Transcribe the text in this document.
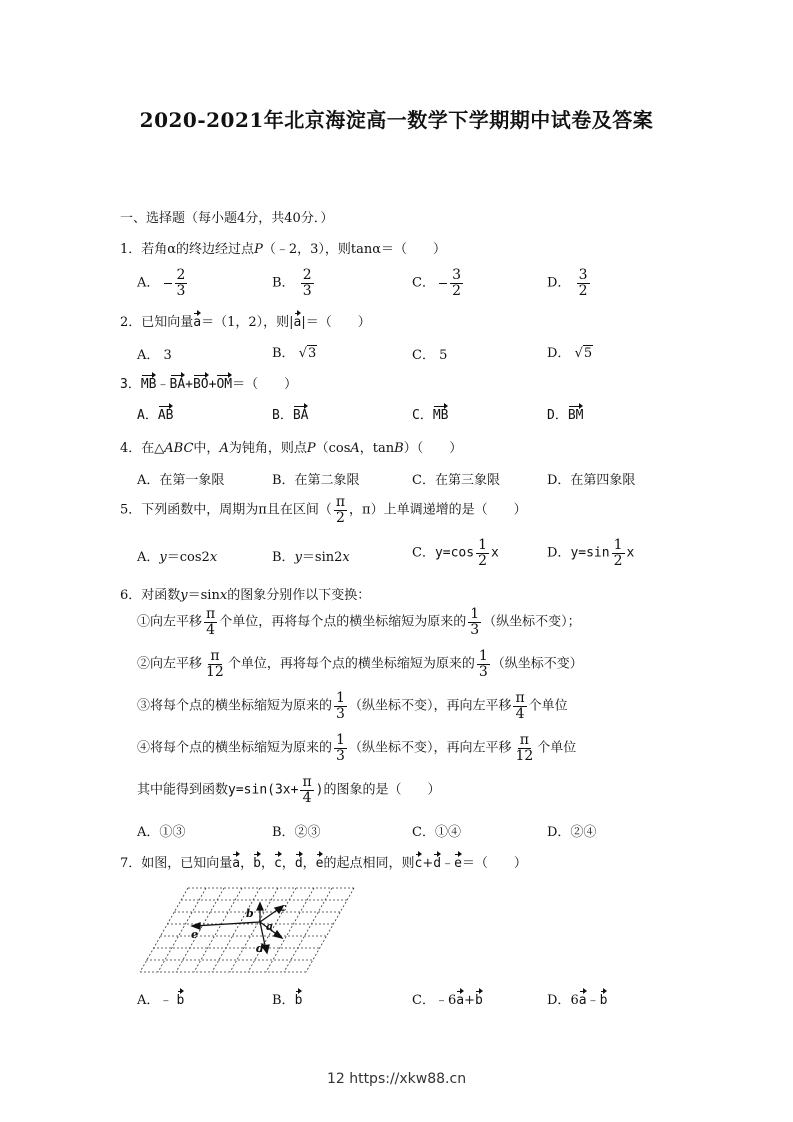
2020-2021年北京海淀高一数学下学期期中试卷及答案
一、选择题（每小题4分，共40分．）
1．若角α的终边经过点P（﹣2，3），则tanα＝（　　）
A． $\frac{2}{3}$	B． $\frac{2}{3}$	C． $\frac{3}{2}$	D． $\frac{3}{2}$
2．已知向量a＝（1，2），则|a|＝（　　）
A． 3	B． √ 3	C． 5	D． √ 5
3．MB﹣BA+BO+OM＝（　　）
A．AB	B．BA	C．MB	D．BM
4．在△ABC中，A为钝角，则点P（cosA，tanB）（　　）
A．在第一象限	B．在第二象限	C．在第三象限	D．在第四象限
5．下列函数中，周期为π且在区间（ $\frac{\pi}{2}$ ，π）上单调递增的是（　　）
A．y＝cos2x	B．y＝sin2x	C．$y=\cos \frac{1}{2}$ x	D．$y=\sin \frac{1}{2}$ x
6．对函数y＝sinx的图象分别作以下变换：
①向左平移 $\frac{\pi}{4}$ 个单位，再将每个点的横坐标缩短为原来的 $\frac{1}{3}$ （纵坐标不变）；
②向左平移 $\frac{\pi}{12}$ 个单位，再将每个点的横坐标缩短为原来的 $\frac{1}{3}$ （纵坐标不变）
③将每个点的横坐标缩短为原来的 $\frac{1}{3}$ （纵坐标不变），再向左平移 $\frac{\pi}{4}$ 个单位
④将每个点的横坐标缩短为原来的 $\frac{1}{3}$ （纵坐标不变），再向左平移 $\frac{\pi}{12}$ 个单位
其中能得到函数$y=\sin(3x+ \frac{\pi}{4}$ )的图象的是（　　）
A．①③	B．②③	C．①④	D．②④
7．如图，已知向量a，b，c，d，e的起点相同，则c+d﹣e＝（　　）
b c
a
e
d
A．﹣ b	B．b	C．﹣6a+b	D．6a﹣b
12 https://xkw88.cn
